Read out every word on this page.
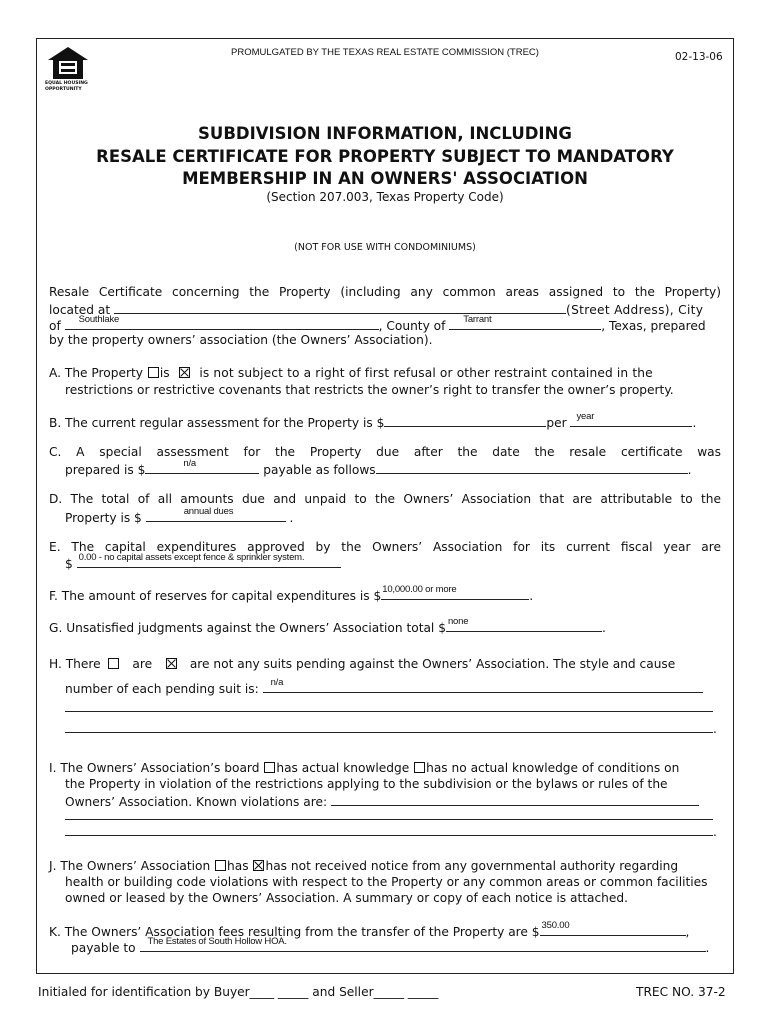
EQUAL HOUSING OPPORTUNITY
PROMULGATED BY THE TEXAS REAL ESTATE COMMISSION (TREC)	02-13-06
SUBDIVISION INFORMATION, INCLUDING
RESALE CERTIFICATE FOR PROPERTY SUBJECT TO MANDATORY
MEMBERSHIP IN AN OWNERS' ASSOCIATION
(Section 207.003, Texas Property Code)
(NOT FOR USE WITH CONDOMINIUMS)
Resale Certificate concerning the Property (including any common areas assigned to the Property)
located at	(Street Address), City
of Southlake	, County of Tarrant	, Texas, prepared
by the property owners’ association (the Owners’ Association).
A. The Property is is not subject to a right of first refusal or other restraint contained in the
restrictions or restrictive covenants that restricts the owner’s right to transfer the owner’s property.
B. The current regular assessment for the Property is $	per year	.
C. A special assessment for the Property due after the date the resale certificate was
prepared is $	n/a	payable as follows	.
D. The total of all amounts due and unpaid to the Owners’ Association that are attributable to the
Property is $	annual dues	.
E. The capital expenditures approved by the Owners’ Association for its current fiscal year are
$ 0.00 - no capital assets except fence & sprinkler system.
F. The amount of reserves for capital expenditures is $ 10,000.00 or more	.
G. Unsatisfied judgments against the Owners’ Association total $ none	.
H. There	are	are not any suits pending against the Owners’ Association. The style and cause
number of each pending suit is: n/a
.
I. The Owners’ Association’s board has actual knowledge has no actual knowledge of conditions on
the Property in violation of the restrictions applying to the subdivision or the bylaws or rules of the
Owners’ Association. Known violations are:
.
J. The Owners’ Association has has not received notice from any governmental authority regarding
health or building code violations with respect to the Property or any common areas or common facilities
owned or leased by the Owners’ Association. A summary or copy of each notice is attached.
K. The Owners’ Association fees resulting from the transfer of the Property are $ 350.00	,
payable to The Estates of South Hollow HOA.	.
Initialed for identification by Buyer____ _____ and Seller_____ _____	TREC NO. 37-2
